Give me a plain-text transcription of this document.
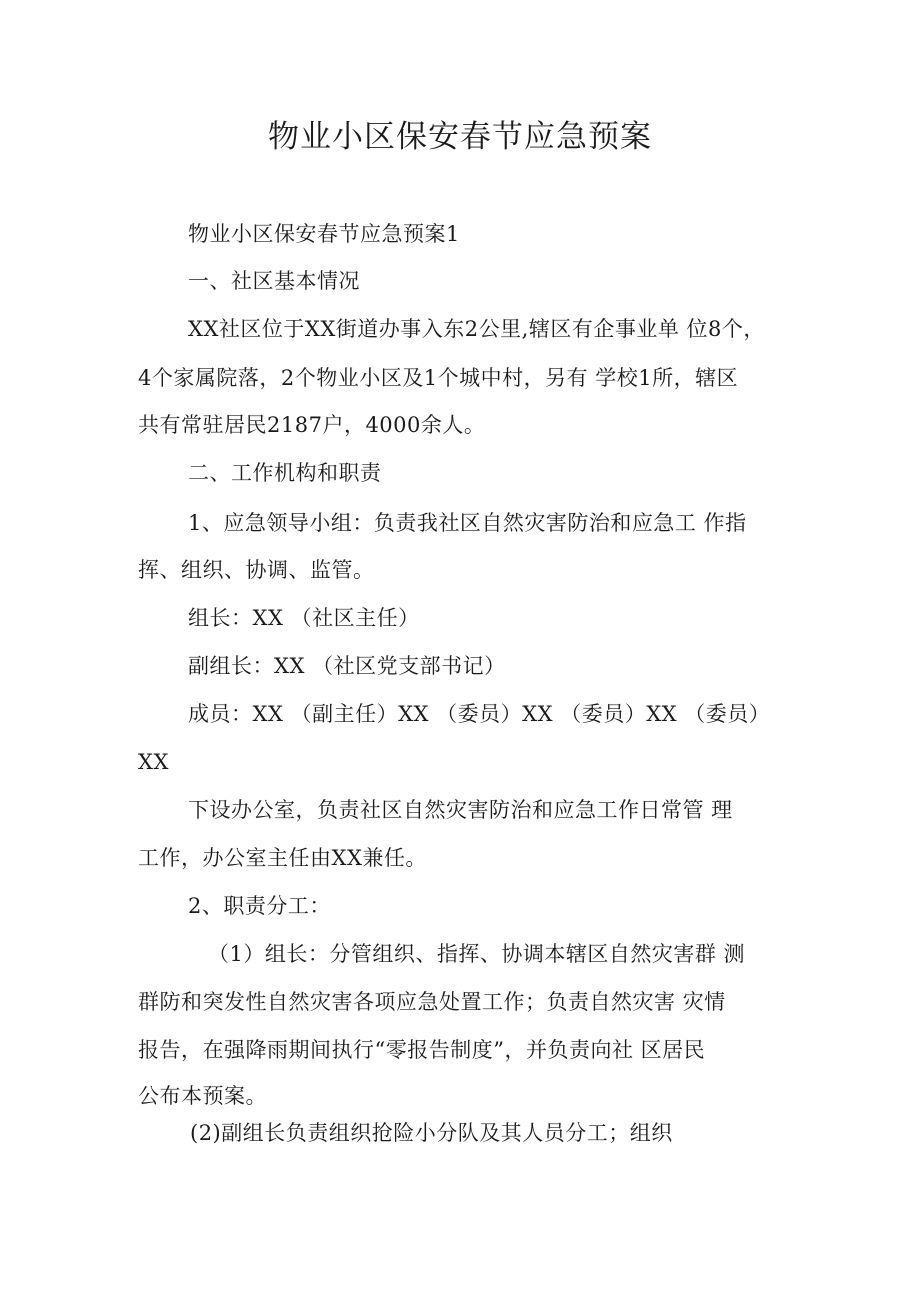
物业小区保安春节应急预案
物业小区保安春节应急预案1
一、社区基本情况
XX社区位于XX街道办事入东2公里,辖区有企事业单 位8个，
4个家属院落，2个物业小区及1个城中村，另有 学校1所，辖区
共有常驻居民2187户，4000余人。
二、工作机构和职责
1、应急领导小组：负责我社区自然灾害防治和应急工 作指
挥、组织、协调、监管。
组长：XX （社区主任）
副组长：XX （社区党支部书记）
成员：XX （副主任）XX （委员）XX （委员）XX （委员）
XX
下设办公室，负责社区自然灾害防治和应急工作日常管 理
工作，办公室主任由XX兼任。
2、职责分工：
（1）组长：分管组织、指挥、协调本辖区自然灾害群 测
群防和突发性自然灾害各项应急处置工作；负责自然灾害 灾情
报告，在强降雨期间执行“零报告制度”，并负责向社 区居民
公布本预案。
(2)副组长负责组织抢险小分队及其人员分工；组织
